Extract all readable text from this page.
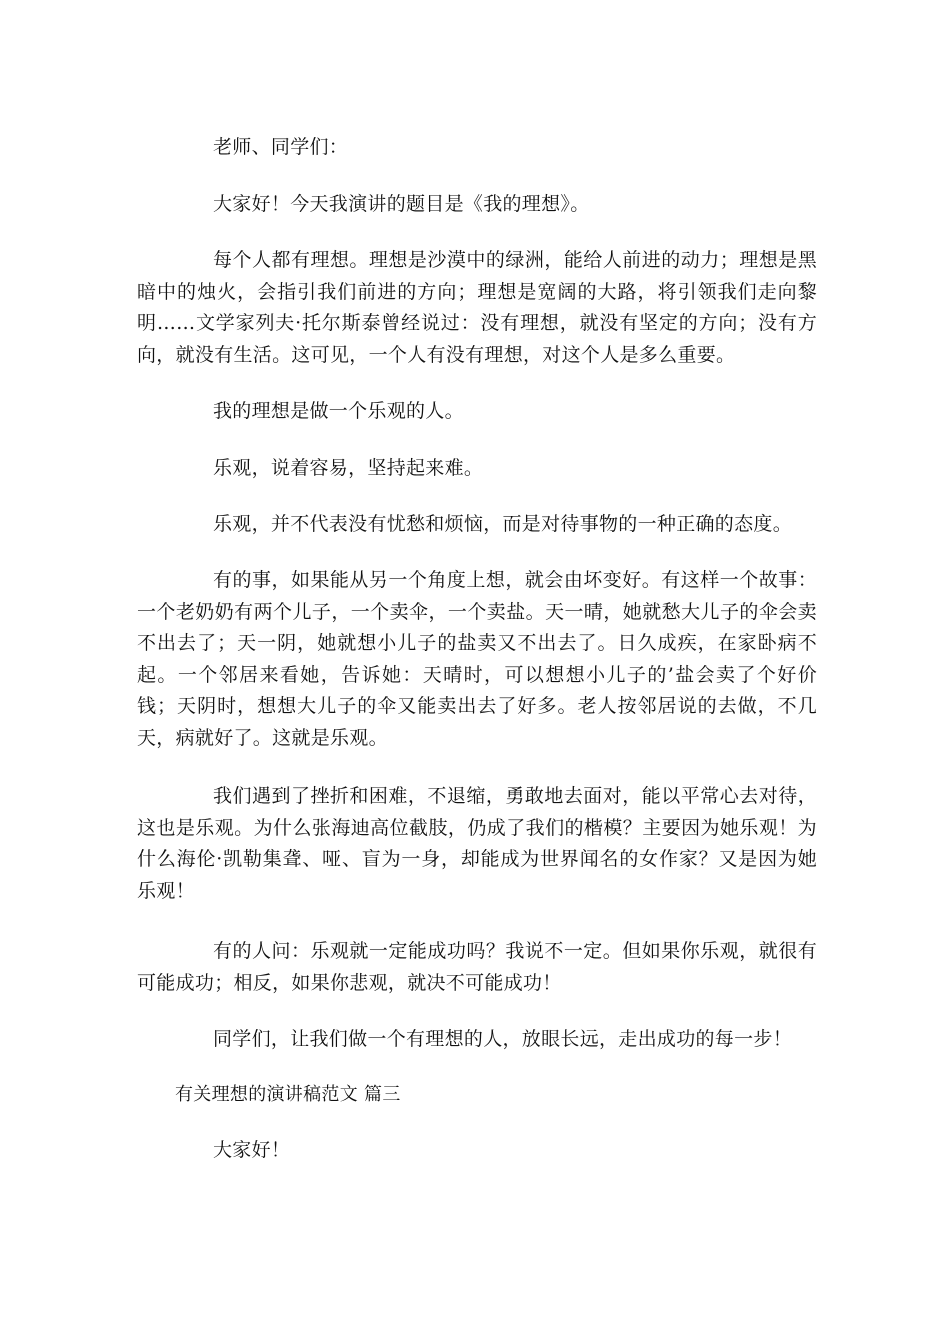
老师、同学们：

大家好！今天我演讲的题目是《我的理想》。

每个人都有理想。理想是沙漠中的绿洲，能给人前进的动力；理想是黑暗中的烛火，会指引我们前进的方向；理想是宽阔的大路，将引领我们走向黎明……文学家列夫·托尔斯泰曾经说过：没有理想，就没有坚定的方向；没有方向，就没有生活。这可见，一个人有没有理想，对这个人是多么重要。

我的理想是做一个乐观的人。

乐观，说着容易，坚持起来难。

乐观，并不代表没有忧愁和烦恼，而是对待事物的一种正确的态度。

有的事，如果能从另一个角度上想，就会由坏变好。有这样一个故事：一个老奶奶有两个儿子，一个卖伞，一个卖盐。天一晴，她就愁大儿子的伞会卖不出去了；天一阴，她就想小儿子的盐卖又不出去了。日久成疾，在家卧病不起。一个邻居来看她，告诉她：天晴时，可以想想小儿子的’盐会卖了个好价钱；天阴时，想想大儿子的伞又能卖出去了好多。老人按邻居说的去做，不几天，病就好了。这就是乐观。

我们遇到了挫折和困难，不退缩，勇敢地去面对，能以平常心去对待，这也是乐观。为什么张海迪高位截肢，仍成了我们的楷模？主要因为她乐观！为什么海伦·凯勒集聋、哑、盲为一身，却能成为世界闻名的女作家？又是因为她乐观！

有的人问：乐观就一定能成功吗？我说不一定。但如果你乐观，就很有可能成功；相反，如果你悲观，就决不可能成功！

同学们，让我们做一个有理想的人，放眼长远，走出成功的每一步！

有关理想的演讲稿范文 篇三

大家好！
